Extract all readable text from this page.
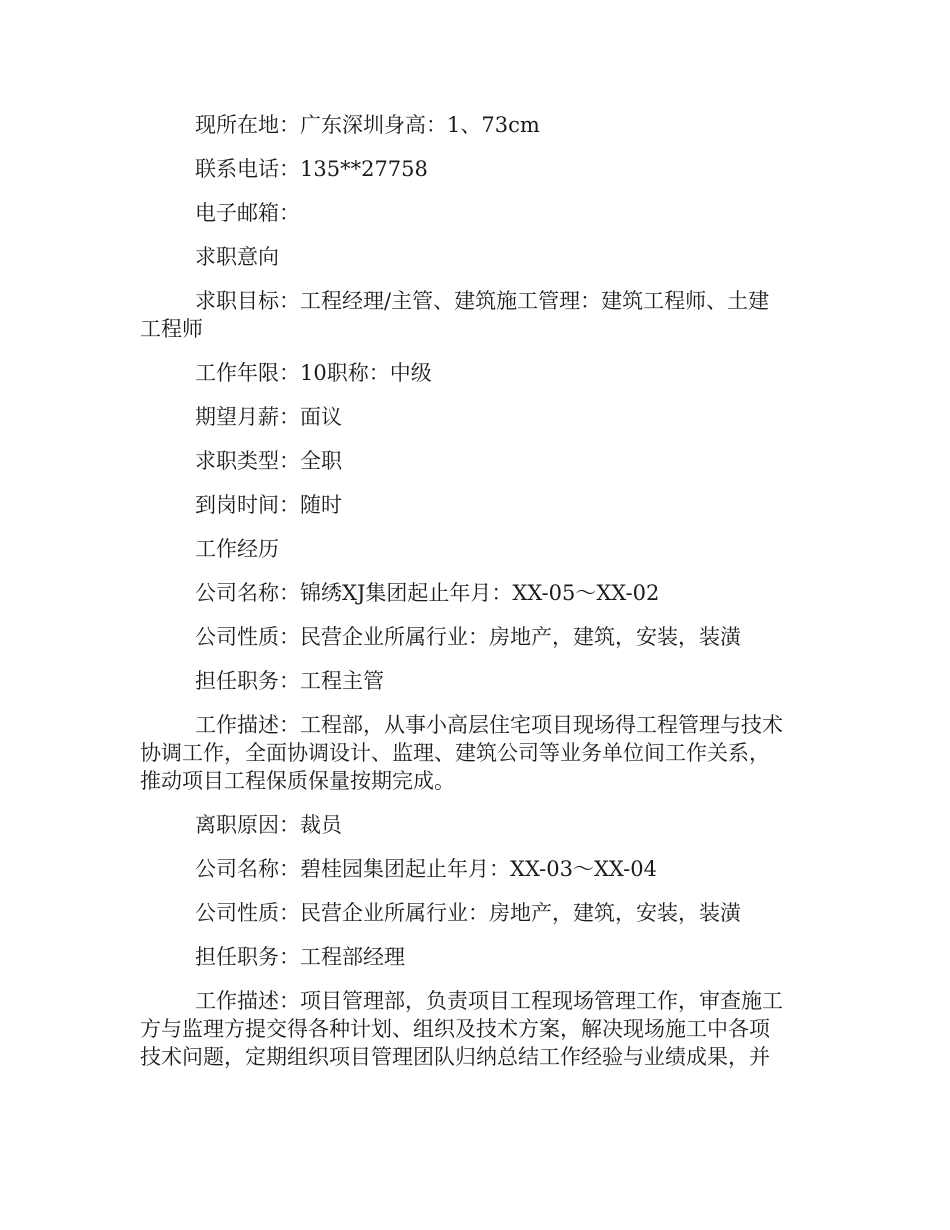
现所在地：广东深圳身高：1、73cm

联系电话：135**27758

电子邮箱：

求职意向

求职目标：工程经理/主管、建筑施工管理：建筑工程师、土建
工程师

工作年限：10职称：中级

期望月薪：面议

求职类型：全职

到岗时间：随时

工作经历

公司名称：锦绣XJ集团起止年月：XX-05～XX-02

公司性质：民营企业所属行业：房地产，建筑，安装，装潢

担任职务：工程主管

工作描述：工程部，从事小高层住宅项目现场得工程管理与技术
协调工作，全面协调设计、监理、建筑公司等业务单位间工作关系，
推动项目工程保质保量按期完成。

离职原因：裁员

公司名称：碧桂园集团起止年月：XX-03～XX-04

公司性质：民营企业所属行业：房地产，建筑，安装，装潢

担任职务：工程部经理

工作描述：项目管理部，负责项目工程现场管理工作，审查施工
方与监理方提交得各种计划、组织及技术方案，解决现场施工中各项
技术问题，定期组织项目管理团队归纳总结工作经验与业绩成果，并
